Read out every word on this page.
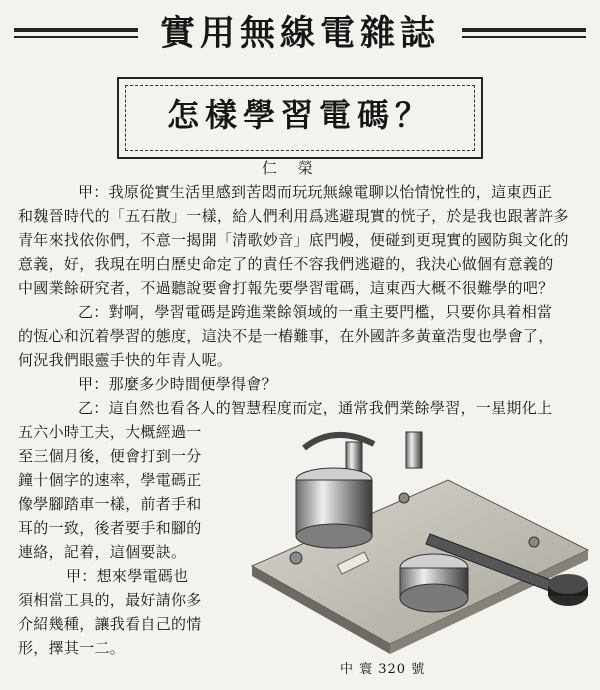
實用無線電雜誌
怎樣學習電碼？
仁 榮
甲：我原從實生活里感到苦悶而玩玩無線電聊以怡情悅性的，這東西正
和魏晉時代的「五石散」一樣，給人們利用爲逃避現實的恍子，於是我也跟著許多
青年來找依你們，不意一揭開「清歌妙音」底門幔，便碰到更現實的國防與文化的
意義，好，我現在明白歷史命定了的責任不容我們逃避的，我決心做個有意義的
中國業餘研究者，不過聽說要會打報先要學習電碼，這東西大概不很難學的吧？
乙：對啊，學習電碼是跨進業餘領域的一重主要門檻，只要你具着相當
的恆心和沉着學習的態度，這決不是一樁難事，在外國許多黃童浩叟也學會了，
何況我們眼靈手快的年青人呢。
甲：那麼多少時間便學得會？
乙：這自然也看各人的智慧程度而定，通常我們業餘學習，一星期化上
五六小時工夫，大概經過一
至三個月後，便會打到一分
鐘十個字的速率，學電碼正
像學腳踏車一樣，前者手和
耳的一致，後者要手和腳的
連絡，記着，這個要訣。
甲：想來學電碼也
須相當工具的，最好請你多
介紹幾種，讓我看自己的情
形，擇其一二。
中 寰 320 號
